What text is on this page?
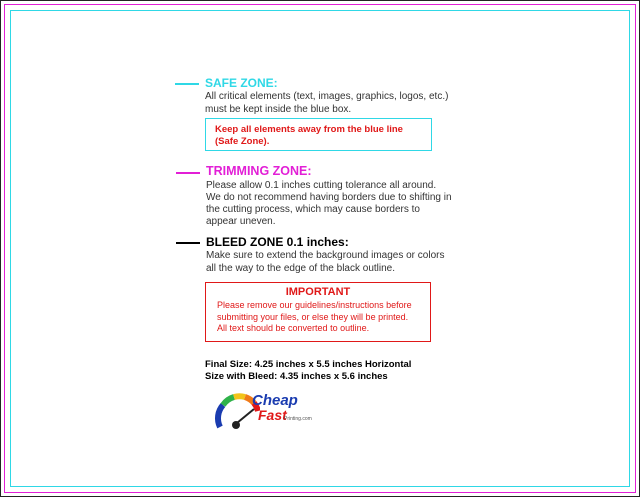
SAFE ZONE:
All critical elements (text, images, graphics, logos, etc.)
must be kept inside the blue box.
Keep all elements away from the blue line
(Safe Zone).
TRIMMING ZONE:
Please allow 0.1 inches cutting tolerance all around.
We do not recommend having borders due to shifting in
the cutting process, which may cause borders to
appear uneven.
BLEED ZONE 0.1 inches:
Make sure to extend the background images or colors
all the way to the edge of the black outline.
IMPORTANT
Please remove our guidelines/instructions before
submitting your files, or else they will be printed.
All text should be converted to outline.
Final Size: 4.25 inches x 5.5 inches Horizontal
Size with Bleed: 4.35 inches x 5.6 inches
Cheap
Fast
Printing.com
